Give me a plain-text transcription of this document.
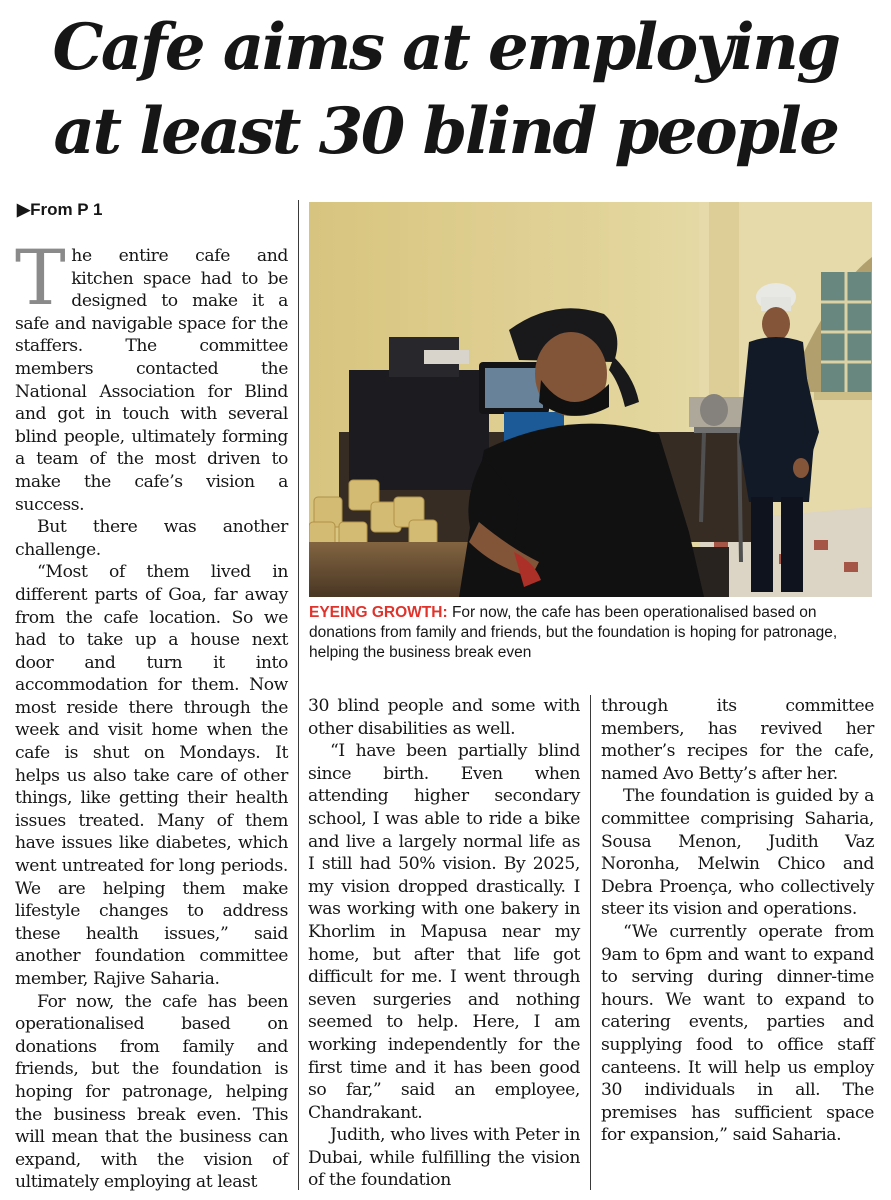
Cafe aims at employing
at least 30 blind people
▶From P 1

The entire cafe and kitchen space had to be designed to make it a safe and navigable space for the staffers. The committee members contacted the National Association for Blind and got in touch with several blind people, ultimately forming a team of the most driven to make the cafe’s vision a success.

But there was another challenge.

“Most of them lived in different parts of Goa, far away from the cafe location. So we had to take up a house next door and turn it into accommodation for them. Now most reside there through the week and visit home when the cafe is shut on Mondays. It helps us also take care of other things, like getting their health issues treated. Many of them have issues like diabetes, which went untreated for long periods. We are helping them make lifestyle changes to address these health issues,” said another foundation committee member, Rajive Saharia.

For now, the cafe has been operationalised based on donations from family and friends, but the foundation is hoping for patronage, helping the business break even. This will mean that the business can expand, with the vision of ultimately employing at least

EYEING GROWTH: For now, the cafe has been operationalised based on donations from family and friends, but the foundation is hoping for patronage, helping the business break even

30 blind people and some with other disabilities as well.

“I have been partially blind since birth. Even when attending higher secondary school, I was able to ride a bike and live a largely normal life as I still had 50% vision. By 2025, my vision dropped drastically. I was working with one bakery in Khorlim in Mapusa near my home, but after that life got difficult for me. I went through seven surgeries and nothing seemed to help. Here, I am working independently for the first time and it has been good so far,” said an employee, Chandrakant.

Judith, who lives with Peter in Dubai, while fulfilling the vision of the foundation

through its committee members, has revived her mother’s recipes for the cafe, named Avo Betty’s after her.

The foundation is guided by a committee comprising Saharia, Sousa Menon, Judith Vaz Noronha, Melwin Chico and Debra Proença, who collectively steer its vision and operations.

“We currently operate from 9am to 6pm and want to expand to serving during dinner-time hours. We want to expand to catering events, parties and supplying food to office staff canteens. It will help us employ 30 individuals in all. The premises has sufficient space for expansion,” said Saharia.
